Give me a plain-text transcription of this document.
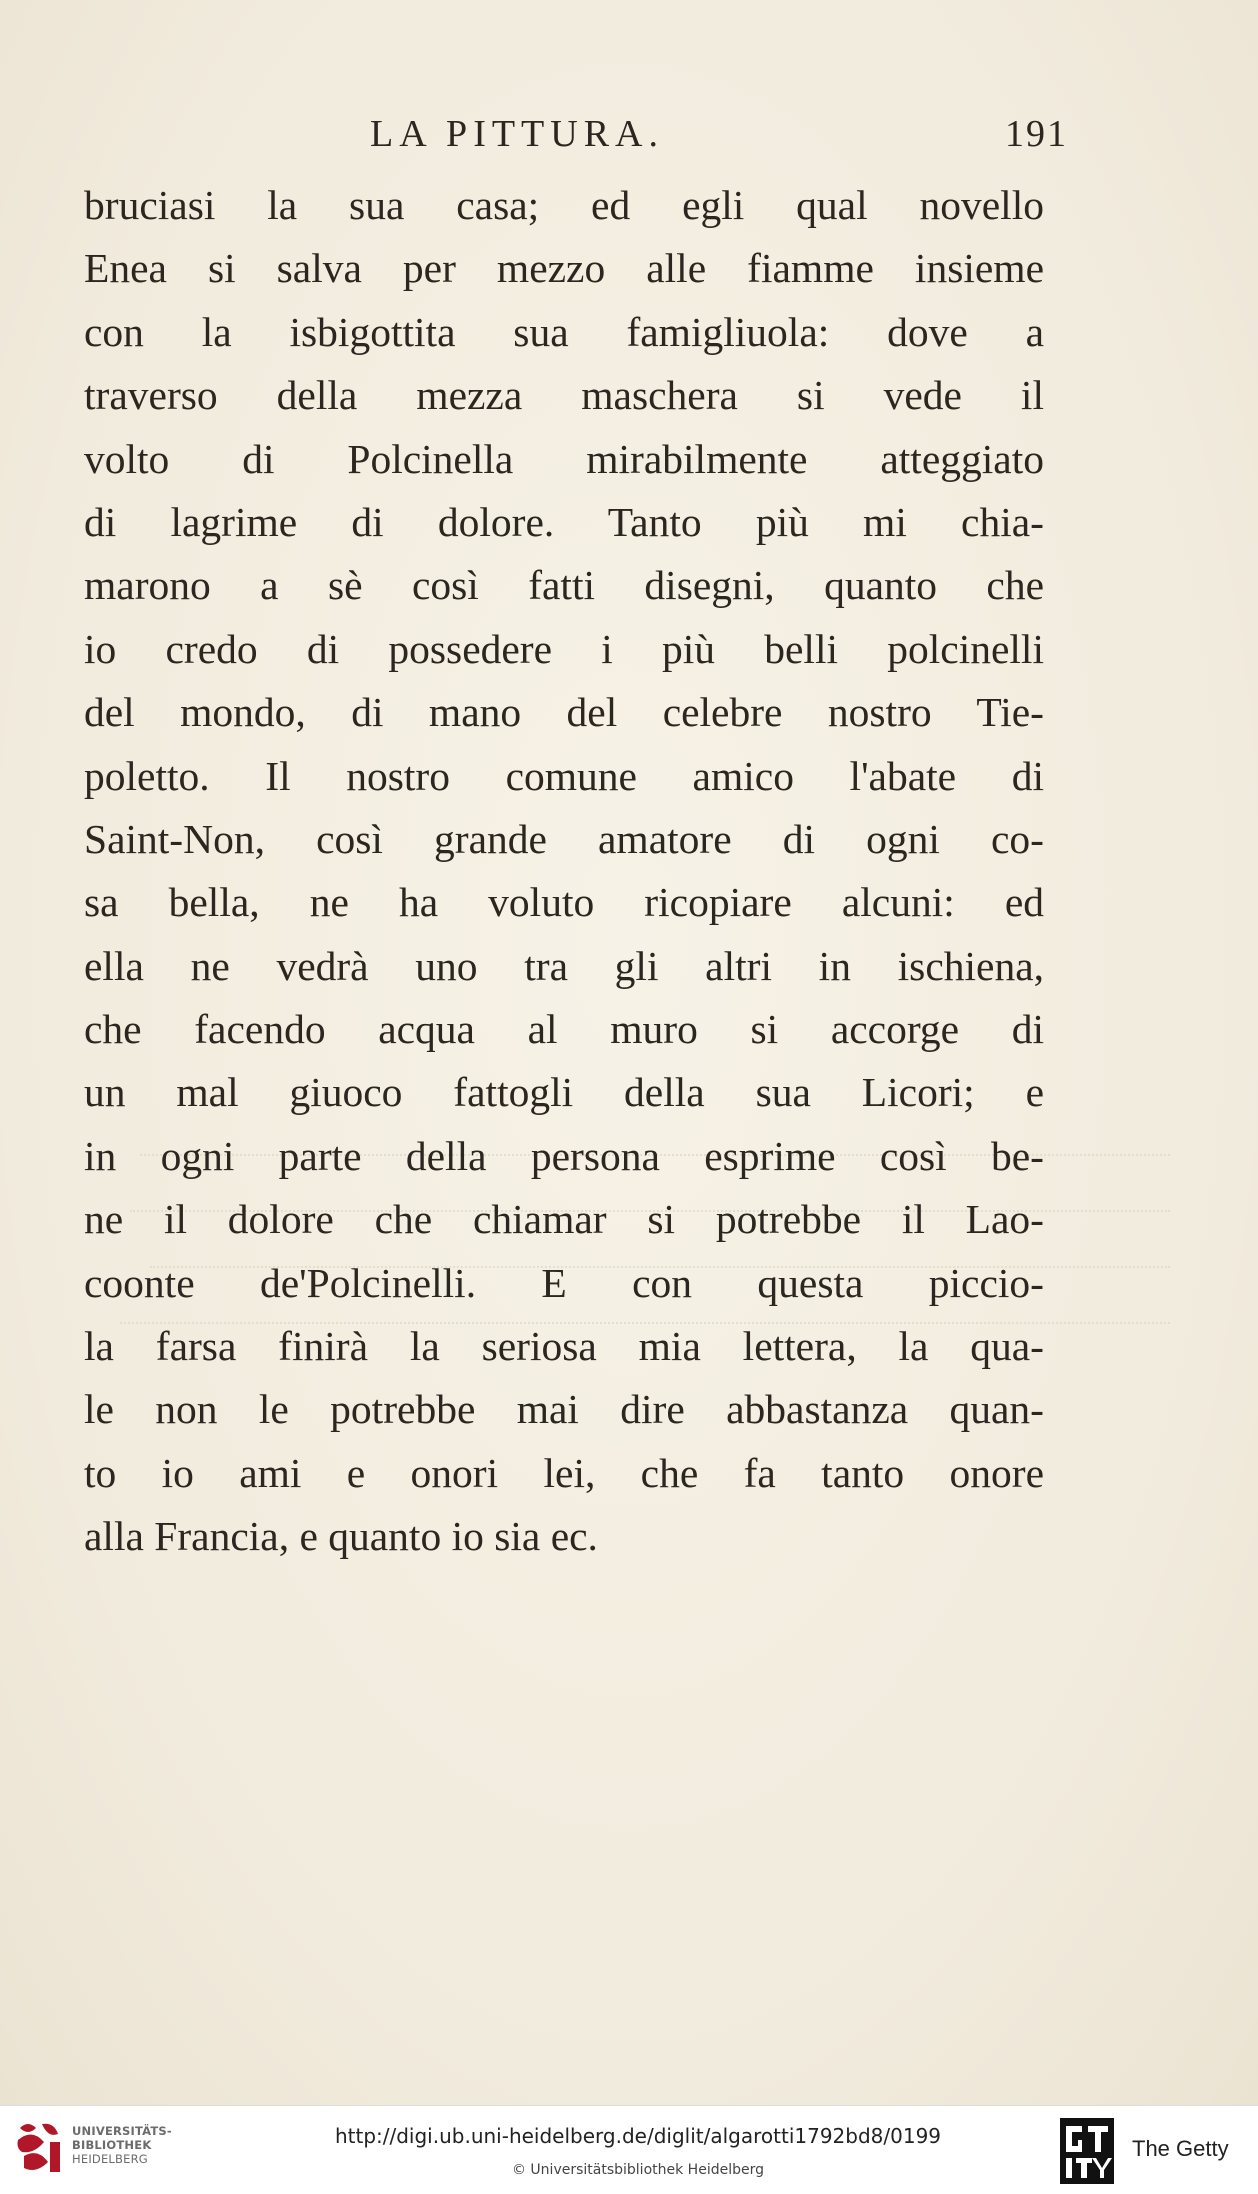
LA PITTURA.	191
bruciasi la sua casa; ed egli qual novello
Enea si salva per mezzo alle fiamme insieme
con la isbigottita sua famigliuola: dove a
traverso della mezza maschera si vede il
volto di Polcinella mirabilmente atteggiato
di lagrime di dolore. Tanto più mi chia-
marono a sè così fatti disegni, quanto che
io credo di possedere i più belli polcinelli
del mondo, di mano del celebre nostro Tie-
poletto. Il nostro comune amico l'abate di
Saint-Non, così grande amatore di ogni co-
sa bella, ne ha voluto ricopiare alcuni: ed
ella ne vedrà uno tra gli altri in ischiena,
che facendo acqua al muro si accorge di
un mal giuoco fattogli della sua Licori; e
in ogni parte della persona esprime così be-
ne il dolore che chiamar si potrebbe il Lao-
coonte de'Polcinelli. E con questa piccio-
la farsa finirà la seriosa mia lettera, la qua-
le non le potrebbe mai dire abbastanza quan-
to io ami e onori lei, che fa tanto onore
alla Francia, e quanto io sia ec.
UNIVERSITÄTS-
BIBLIOTHEK
HEIDELBERG
http://digi.ub.uni-heidelberg.de/diglit/algarotti1792bd8/0199
© Universitätsbibliothek Heidelberg
The Getty
